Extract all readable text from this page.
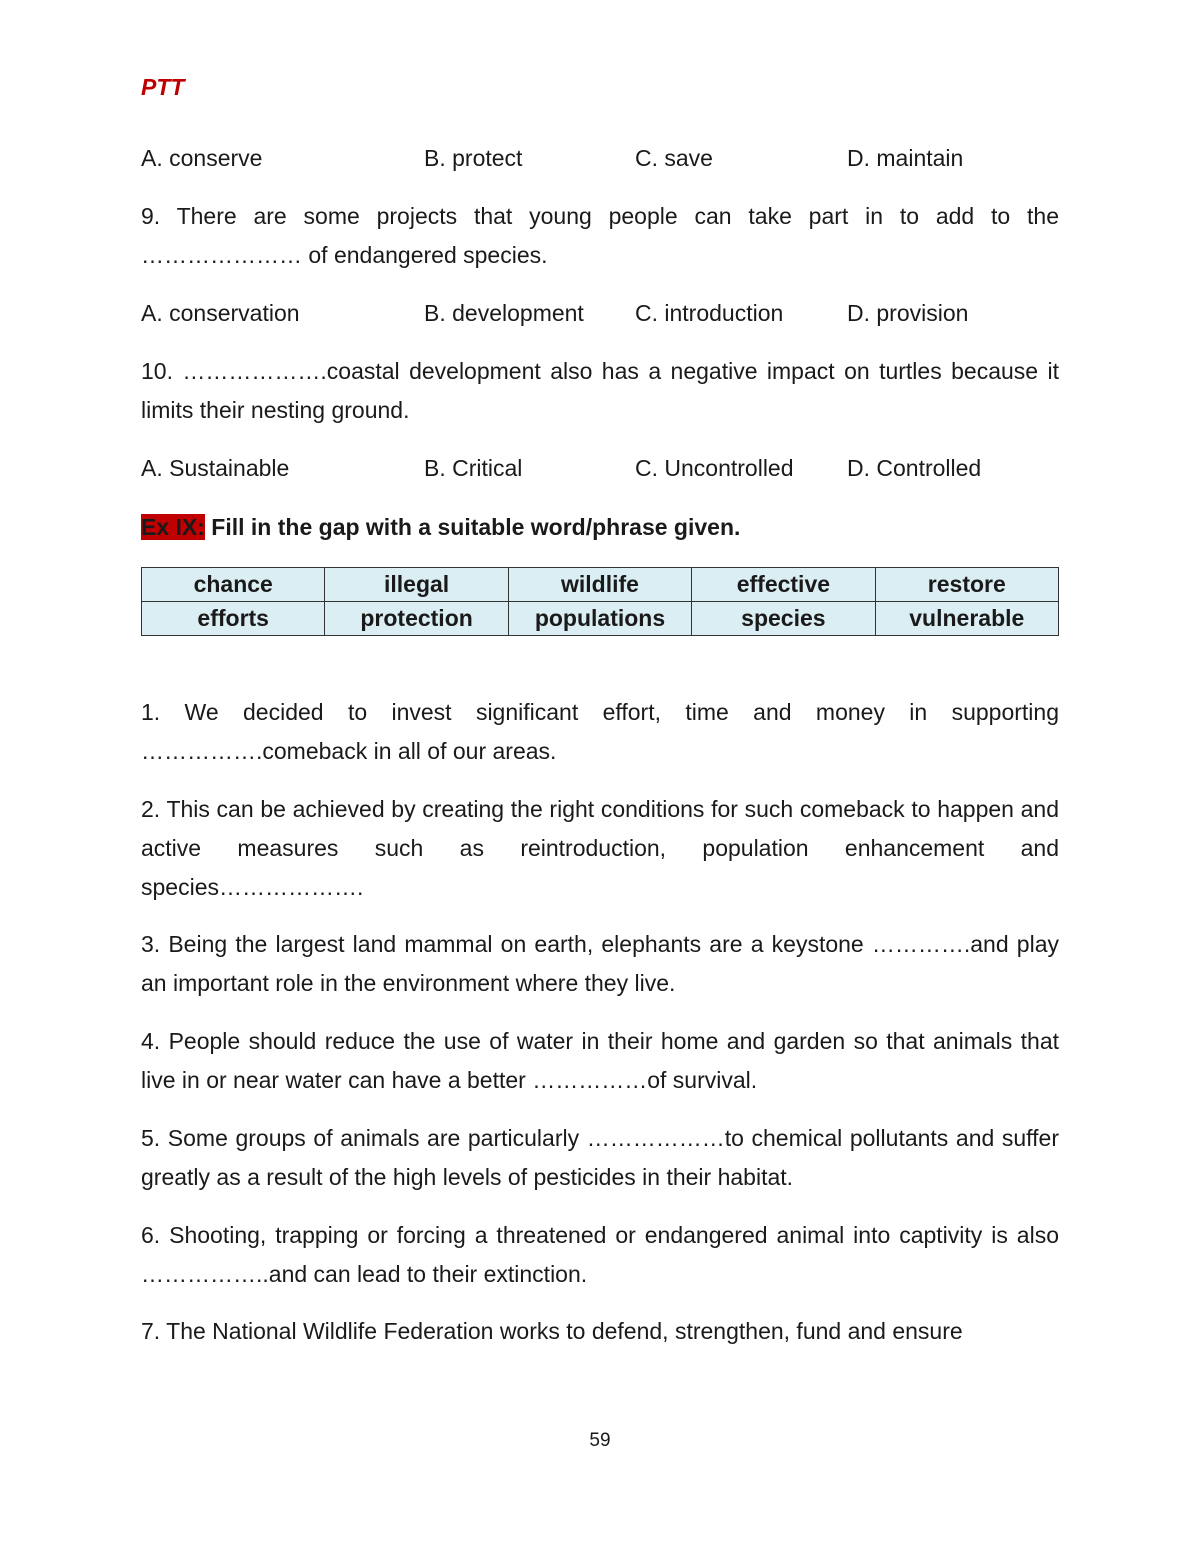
PTT
A. conserve	B. protect	C. save	D. maintain
9. There are some projects that young people can take part in to add to the ………………… of endangered species.
A. conservation	B. development C. introduction	D. provision
10. ……………….coastal development also has a negative impact on turtles because it limits their nesting ground.
A. Sustainable	B. Critical	C. Uncontrolled D. Controlled
Ex IX: Fill in the gap with a suitable word/phrase given.
chance	illegal	wildlife	effective	restore
efforts	protection	populations	species	vulnerable
1. We decided to invest significant effort, time and money in supporting …………….comeback in all of our areas.
2. This can be achieved by creating the right conditions for such comeback to happen and active measures such as reintroduction, population enhancement and species……………….
3. Being the largest land mammal on earth, elephants are a keystone ………….and play an important role in the environment where they live.
4. People should reduce the use of water in their home and garden so that animals that live in or near water can have a better ……………of survival.
5. Some groups of animals are particularly ………………to chemical pollutants and suffer greatly as a result of the high levels of pesticides in their habitat.
6. Shooting, trapping or forcing a threatened or endangered animal into captivity is also ……………..and can lead to their extinction.
7. The National Wildlife Federation works to defend, strengthen, fund and ensure
59
